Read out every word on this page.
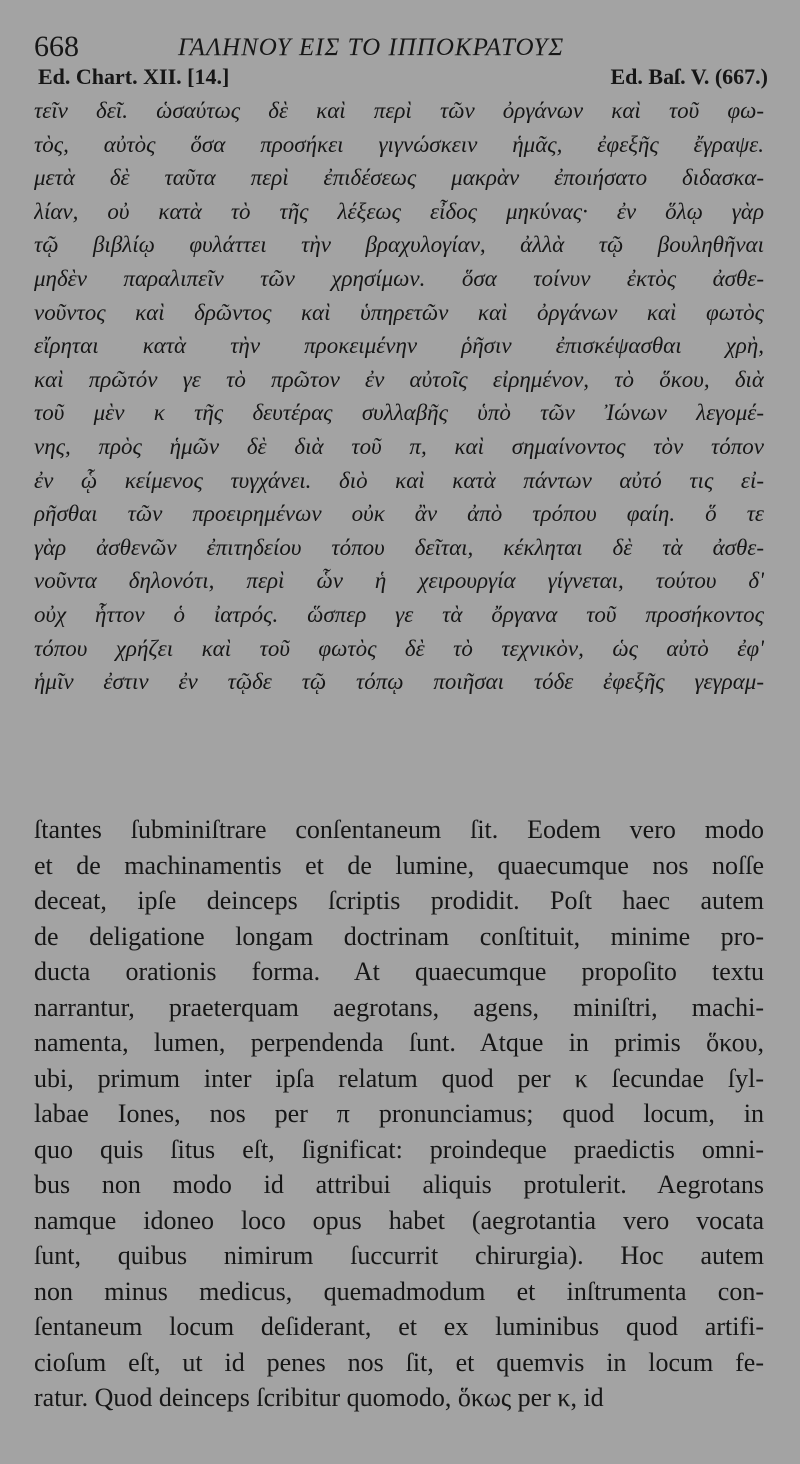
668	ΓΑΛΗΝΟΥ ΕΙΣ ΤΟ ΙΠΠΟΚΡΑΤΟΥΣ
Ed. Chart. XII. [14.]	Ed. Baſ. V. (667.)
τεῖν δεῖ. ὡσαύτως δὲ καὶ περὶ τῶν ὀργάνων καὶ τοῦ φω-
τὸς, αὐτὸς ὅσα προσήκει γιγνώσκειν ἡμᾶς, ἐφεξῆς ἔγραψε.
μετὰ δὲ ταῦτα περὶ ἐπιδέσεως μακρὰν ἐποιήσατο διδασκα-
λίαν, οὐ κατὰ τὸ τῆς λέξεως εἶδος μηκύνας· ἐν ὅλῳ γὰρ
τῷ βιβλίῳ φυλάττει τὴν βραχυλογίαν, ἀλλὰ τῷ βουληθῆναι
μηδὲν παραλιπεῖν τῶν χρησίμων. ὅσα τοίνυν ἐκτὸς ἀσθε-
νοῦντος καὶ δρῶντος καὶ ὑπηρετῶν καὶ ὀργάνων καὶ φωτὸς
εἴρηται κατὰ τὴν προκειμένην ῥῆσιν ἐπισκέψασθαι χρὴ,
καὶ πρῶτόν γε τὸ πρῶτον ἐν αὐτοῖς εἰρημένον, τὸ ὅκου, διὰ
τοῦ μὲν κ τῆς δευτέρας συλλαβῆς ὑπὸ τῶν Ἰώνων λεγομέ-
νης, πρὸς ἡμῶν δὲ διὰ τοῦ π, καὶ σημαίνοντος τὸν τόπον
ἐν ᾧ κείμενος τυγχάνει. διὸ καὶ κατὰ πάντων αὐτό τις εἰ-
ρῆσθαι τῶν προειρημένων οὐκ ἂν ἀπὸ τρόπου φαίη. ὅ τε
γὰρ ἀσθενῶν ἐπιτηδείου τόπου δεῖται, κέκληται δὲ τὰ ἀσθε-
νοῦντα δηλονότι, περὶ ὧν ἡ χειρουργία γίγνεται, τούτου δ'
οὐχ ἧττον ὁ ἰατρός. ὥσπερ γε τὰ ὄργανα τοῦ προσήκοντος
τόπου χρήζει καὶ τοῦ φωτὸς δὲ τὸ τεχνικὸν, ὡς αὐτὸ ἐφ'
ἡμῖν ἐστιν ἐν τῷδε τῷ τόπῳ ποιῆσαι τόδε ἐφεξῆς γεγραμ-
ſtantes ſubminiſtrare conſentaneum ſit. Eodem vero modo
et de machinamentis et de lumine, quaecumque nos noſſe
deceat, ipſe deinceps ſcriptis prodidit. Poſt haec autem
de deligatione longam doctrinam conſtituit, minime pro-
ducta orationis forma. At quaecumque propoſito textu
narrantur, praeterquam aegrotans, agens, miniſtri, machi-
namenta, lumen, perpendenda ſunt. Atque in primis ὅκου,
ubi, primum inter ipſa relatum quod per κ ſecundae ſyl-
labae Iones, nos per π pronunciamus; quod locum, in
quo quis ſitus eſt, ſignificat: proindeque praedictis omni-
bus non modo id attribui aliquis protulerit. Aegrotans
namque idoneo loco opus habet (aegrotantia vero vocata
ſunt, quibus nimirum ſuccurrit chirurgia). Hoc autem
non minus medicus, quemadmodum et inſtrumenta con-
ſentaneum locum deſiderant, et ex luminibus quod artifi-
cioſum eſt, ut id penes nos ſit, et quemvis in locum fe-
ratur. Quod deinceps ſcribitur quomodo, ὅκως per κ, id
